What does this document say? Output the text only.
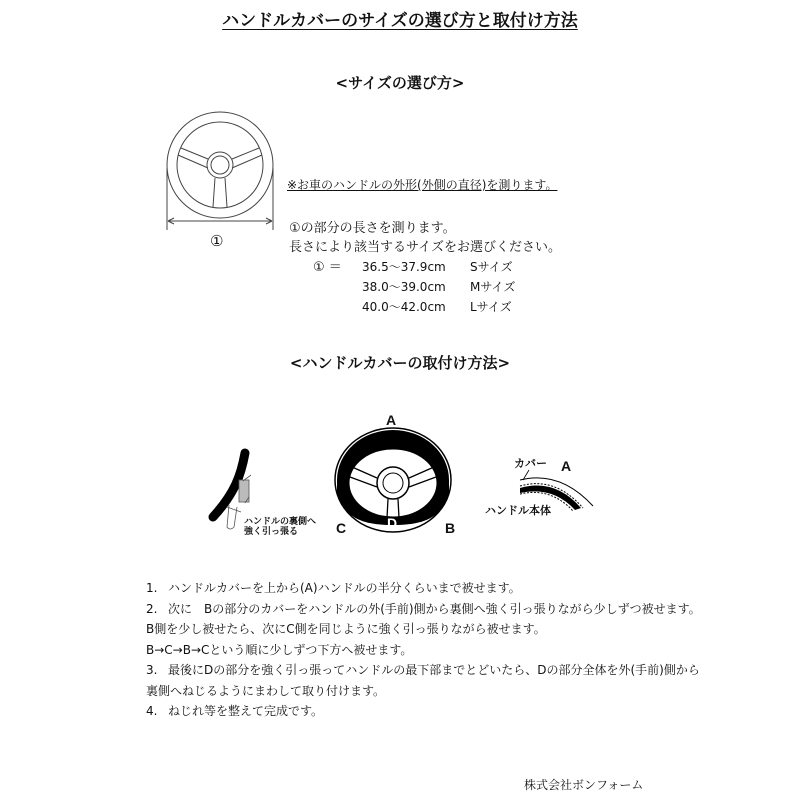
ハンドルカバーのサイズの選び方と取付け方法
<サイズの選び方>
①
※お車のハンドルの外形(外側の直径)を測ります。
①の部分の長さを測ります。
長さにより該当するサイズをお選びください。
① ＝ 36.5〜37.9cm Sサイズ
38.0〜39.0cm Mサイズ
40.0〜42.0cm Lサイズ
<ハンドルカバーの取付け方法>
ハンドルの裏側へ
強く引っ張る
A
C	D	B
カバー A
ハンドル本体
1. ハンドルカバーを上から(A)ハンドルの半分くらいまで被せます。
2. 次に　Bの部分のカバーをハンドルの外(手前)側から裏側へ強く引っ張りながら少しずつ被せます。
B側を少し被せたら、次にC側を同じように強く引っ張りながら被せます。
B→C→B→Cという順に少しずつ下方へ被せます。
3. 最後にDの部分を強く引っ張ってハンドルの最下部までとどいたら、Dの部分全体を外(手前)側から
裏側へねじるようにまわして取り付けます。
4. ねじれ等を整えて完成です。
株式会社ボンフォーム
